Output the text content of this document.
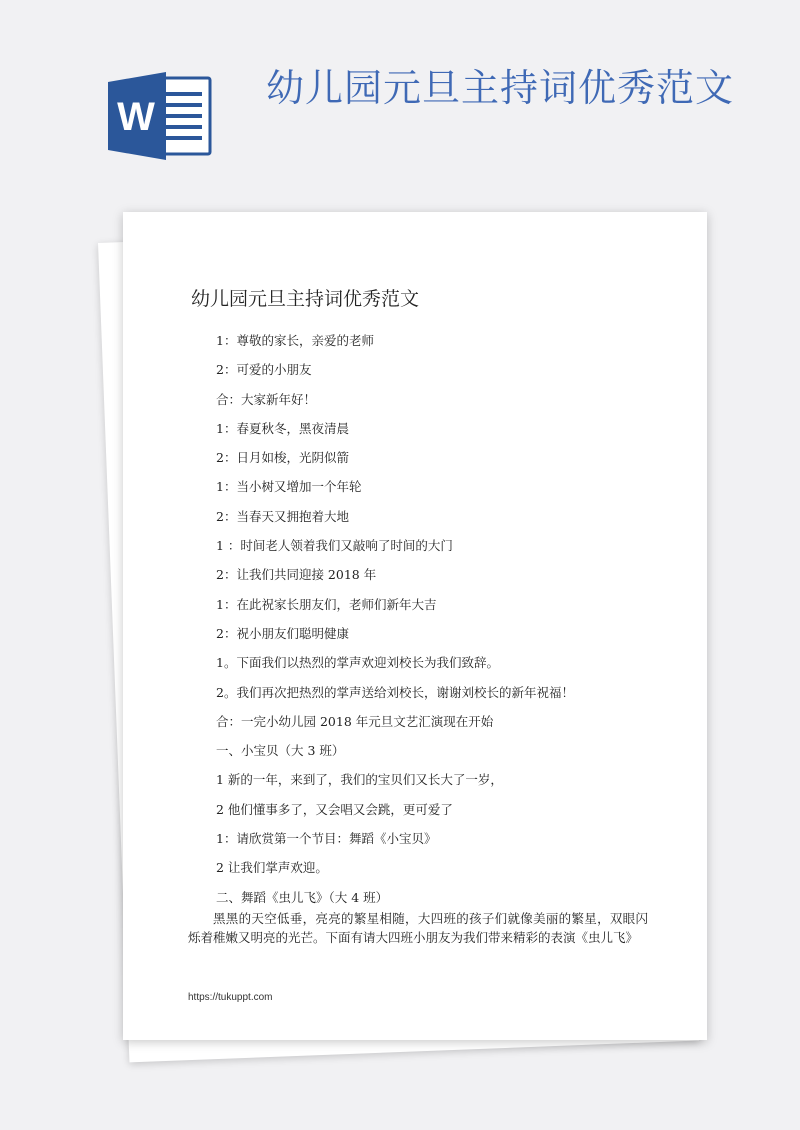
W
幼儿园元旦主持词优秀范文
幼儿园元旦主持词优秀范文
1：尊敬的家长，亲爱的老师
2：可爱的小朋友
合：大家新年好！
1：春夏秋冬，黑夜清晨
2：日月如梭，光阴似箭
1：当小树又增加一个年轮
2：当春天又拥抱着大地
1 ：时间老人领着我们又敲响了时间的大门
2：让我们共同迎接 2018 年
1：在此祝家长朋友们，老师们新年大吉
2：祝小朋友们聪明健康
1。下面我们以热烈的掌声欢迎刘校长为我们致辞。
2。我们再次把热烈的掌声送给刘校长，谢谢刘校长的新年祝福！
合：一完小幼儿园 2018 年元旦文艺汇演现在开始
一、小宝贝（大 3 班）
1 新的一年，来到了，我们的宝贝们又长大了一岁，
2 他们懂事多了，又会唱又会跳，更可爱了
1：请欣赏第一个节目：舞蹈《小宝贝》
2 让我们掌声欢迎。
二、舞蹈《虫儿飞》（大 4 班）
黑黑的天空低垂，亮亮的繁星相随，大四班的孩子们就像美丽的繁星，双眼闪烁着稚嫩又明亮的光芒。下面有请大四班小朋友为我们带来精彩的表演《虫儿飞》
https://tukuppt.com
